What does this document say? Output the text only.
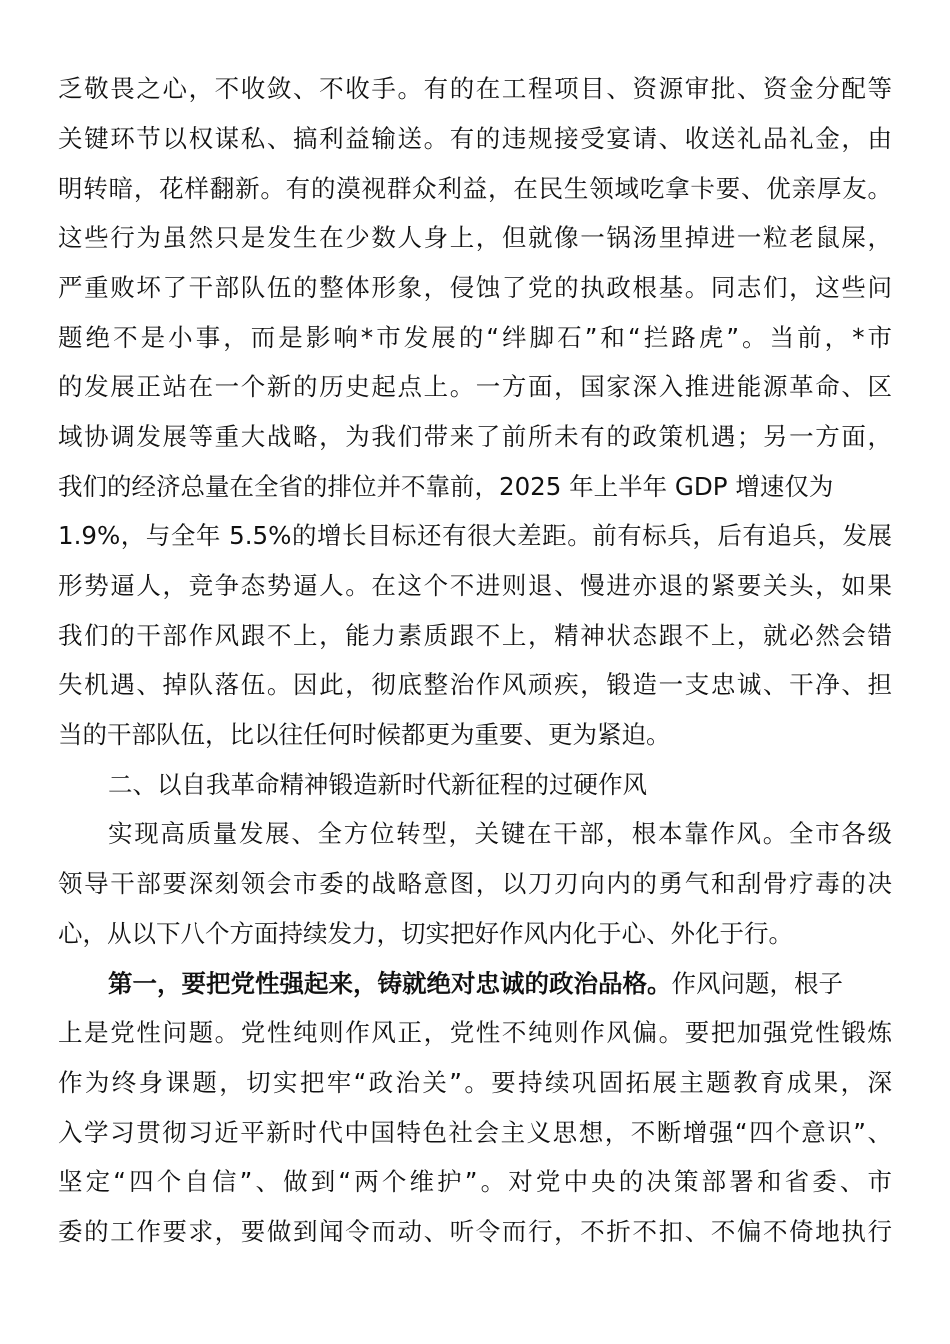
乏敬畏之心，不收敛、不收手。有的在工程项目、资源审批、资金分配等
关键环节以权谋私、搞利益输送。有的违规接受宴请、收送礼品礼金，由
明转暗，花样翻新。有的漠视群众利益，在民生领域吃拿卡要、优亲厚友。
这些行为虽然只是发生在少数人身上，但就像一锅汤里掉进一粒老鼠屎，
严重败坏了干部队伍的整体形象，侵蚀了党的执政根基。同志们，这些问
题绝不是小事，而是影响*市发展的“绊脚石”和“拦路虎”。当前，*市
的发展正站在一个新的历史起点上。一方面，国家深入推进能源革命、区
域协调发展等重大战略，为我们带来了前所未有的政策机遇；另一方面，
我们的经济总量在全省的排位并不靠前，2025 年上半年 GDP 增速仅为
1.9%，与全年 5.5%的增长目标还有很大差距。前有标兵，后有追兵，发展
形势逼人，竞争态势逼人。在这个不进则退、慢进亦退的紧要关头，如果
我们的干部作风跟不上，能力素质跟不上，精神状态跟不上，就必然会错
失机遇、掉队落伍。因此，彻底整治作风顽疾，锻造一支忠诚、干净、担
当的干部队伍，比以往任何时候都更为重要、更为紧迫。
二、以自我革命精神锻造新时代新征程的过硬作风
实现高质量发展、全方位转型，关键在干部，根本靠作风。全市各级
领导干部要深刻领会市委的战略意图，以刀刃向内的勇气和刮骨疗毒的决
心，从以下八个方面持续发力，切实把好作风内化于心、外化于行。
第一，要把党性强起来，铸就绝对忠诚的政治品格。作风问题，根子
上是党性问题。党性纯则作风正，党性不纯则作风偏。要把加强党性锻炼
作为终身课题，切实把牢“政治关”。要持续巩固拓展主题教育成果，深
入学习贯彻习近平新时代中国特色社会主义思想，不断增强“四个意识”、
坚定“四个自信”、做到“两个维护”。对党中央的决策部署和省委、市
委的工作要求，要做到闻令而动、听令而行，不折不扣、不偏不倚地执行
